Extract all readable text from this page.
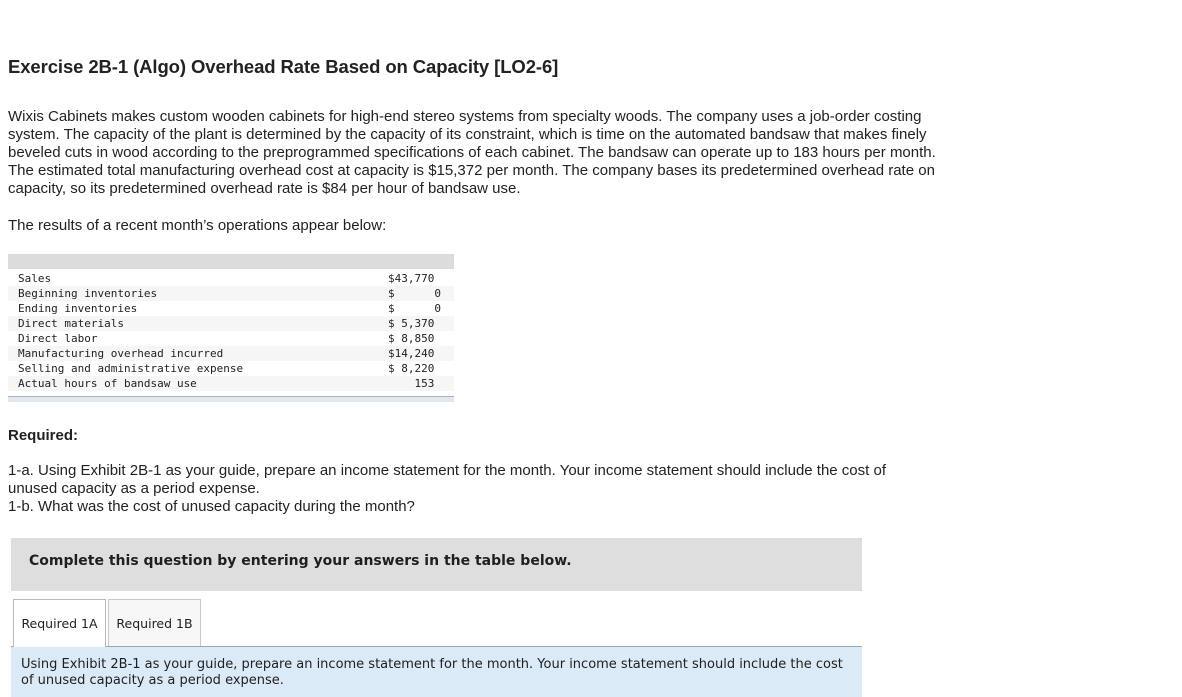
Exercise 2B-1 (Algo) Overhead Rate Based on Capacity [LO2-6]

Wixis Cabinets makes custom wooden cabinets for high-end stereo systems from specialty woods. The company uses a job-order costing system. The capacity of the plant is determined by the capacity of its constraint, which is time on the automated bandsaw that makes finely beveled cuts in wood according to the preprogrammed specifications of each cabinet. The bandsaw can operate up to 183 hours per month. The estimated total manufacturing overhead cost at capacity is $15,372 per month. The company bases its predetermined overhead rate on capacity, so its predetermined overhead rate is $84 per hour of bandsaw use.

The results of a recent month’s operations appear below:
Sales	$43,770
Beginning inventories	$      0
Ending inventories	$      0
Direct materials	$ 5,370
Direct labor	$ 8,850
Manufacturing overhead incurred	$14,240
Selling and administrative expense	$ 8,220
Actual hours of bandsaw use	153
Required:

1-a. Using Exhibit 2B-1 as your guide, prepare an income statement for the month. Your income statement should include the cost of unused capacity as a period expense.

1-b. What was the cost of unused capacity during the month?

Complete this question by entering your answers in the table below.
Required 1A	Required 1B
Using Exhibit 2B-1 as your guide, prepare an income statement for the month. Your income statement should include the cost of unused capacity as a period expense.
